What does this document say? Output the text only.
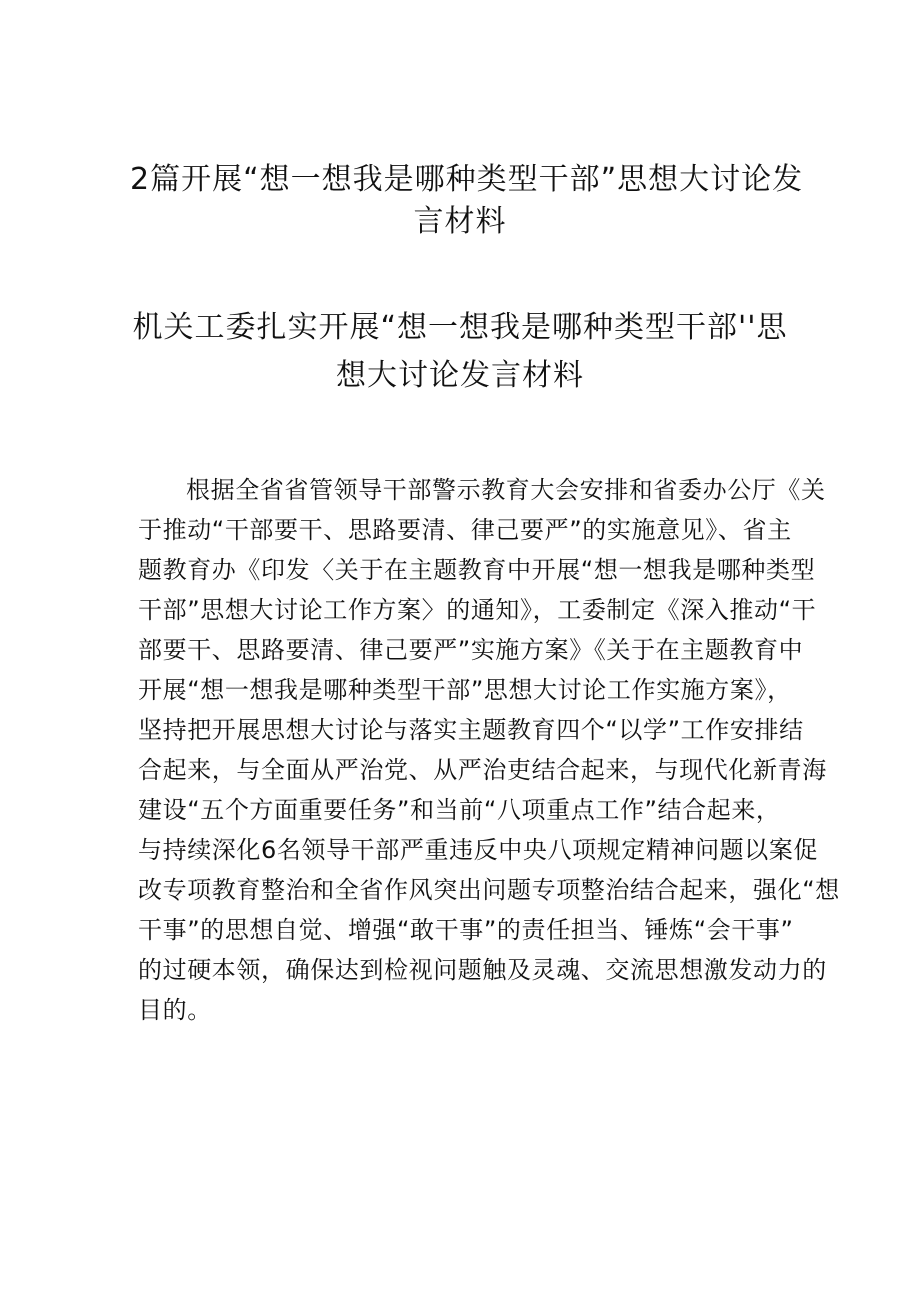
2篇开展“想一想我是哪种类型干部”思想大讨论发
言材料
机关工委扎实开展“想一想我是哪种类型干部''思
想大讨论发言材料
根据全省省管领导干部警示教育大会安排和省委办公厅《关
于推动“干部要干、思路要清、律己要严”的实施意见》、省主
题教育办《印发〈关于在主题教育中开展“想一想我是哪种类型
干部”思想大讨论工作方案〉的通知》，工委制定《深入推动“干
部要干、思路要清、律己要严”实施方案》《关于在主题教育中
开展“想一想我是哪种类型干部”思想大讨论工作实施方案》，
坚持把开展思想大讨论与落实主题教育四个“以学”工作安排结
合起来，与全面从严治党、从严治吏结合起来，与现代化新青海
建设“五个方面重要任务”和当前“八项重点工作”结合起来，
与持续深化6名领导干部严重违反中央八项规定精神问题以案促
改专项教育整治和全省作风突出问题专项整治结合起来，强化“想
干事”的思想自觉、增强“敢干事”的责任担当、锤炼“会干事”
的过硬本领，确保达到检视问题触及灵魂、交流思想激发动力的
目的。
